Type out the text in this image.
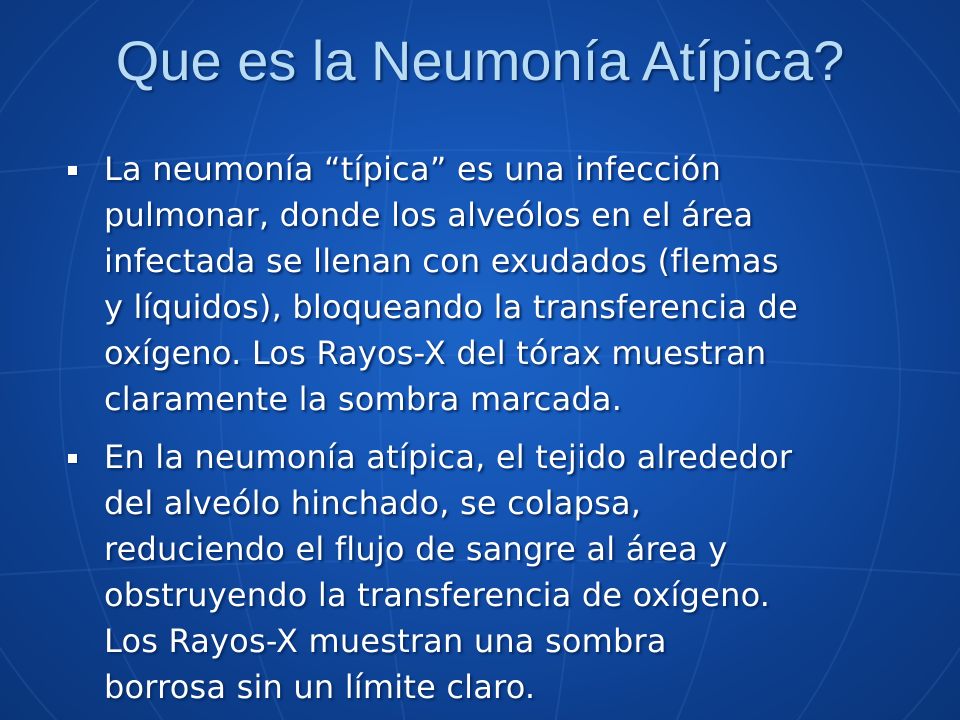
Que es la Neumonía Atípica?
La neumonía “típica” es una infección
pulmonar, donde los alveólos en el área
infectada se llenan con exudados (flemas
y líquidos), bloqueando la transferencia de
oxígeno. Los Rayos-X del tórax muestran
claramente la sombra marcada.
En la neumonía atípica, el tejido alrededor
del alveólo hinchado, se colapsa,
reduciendo el flujo de sangre al área y
obstruyendo la transferencia de oxígeno.
Los Rayos-X muestran una sombra
borrosa sin un límite claro.
